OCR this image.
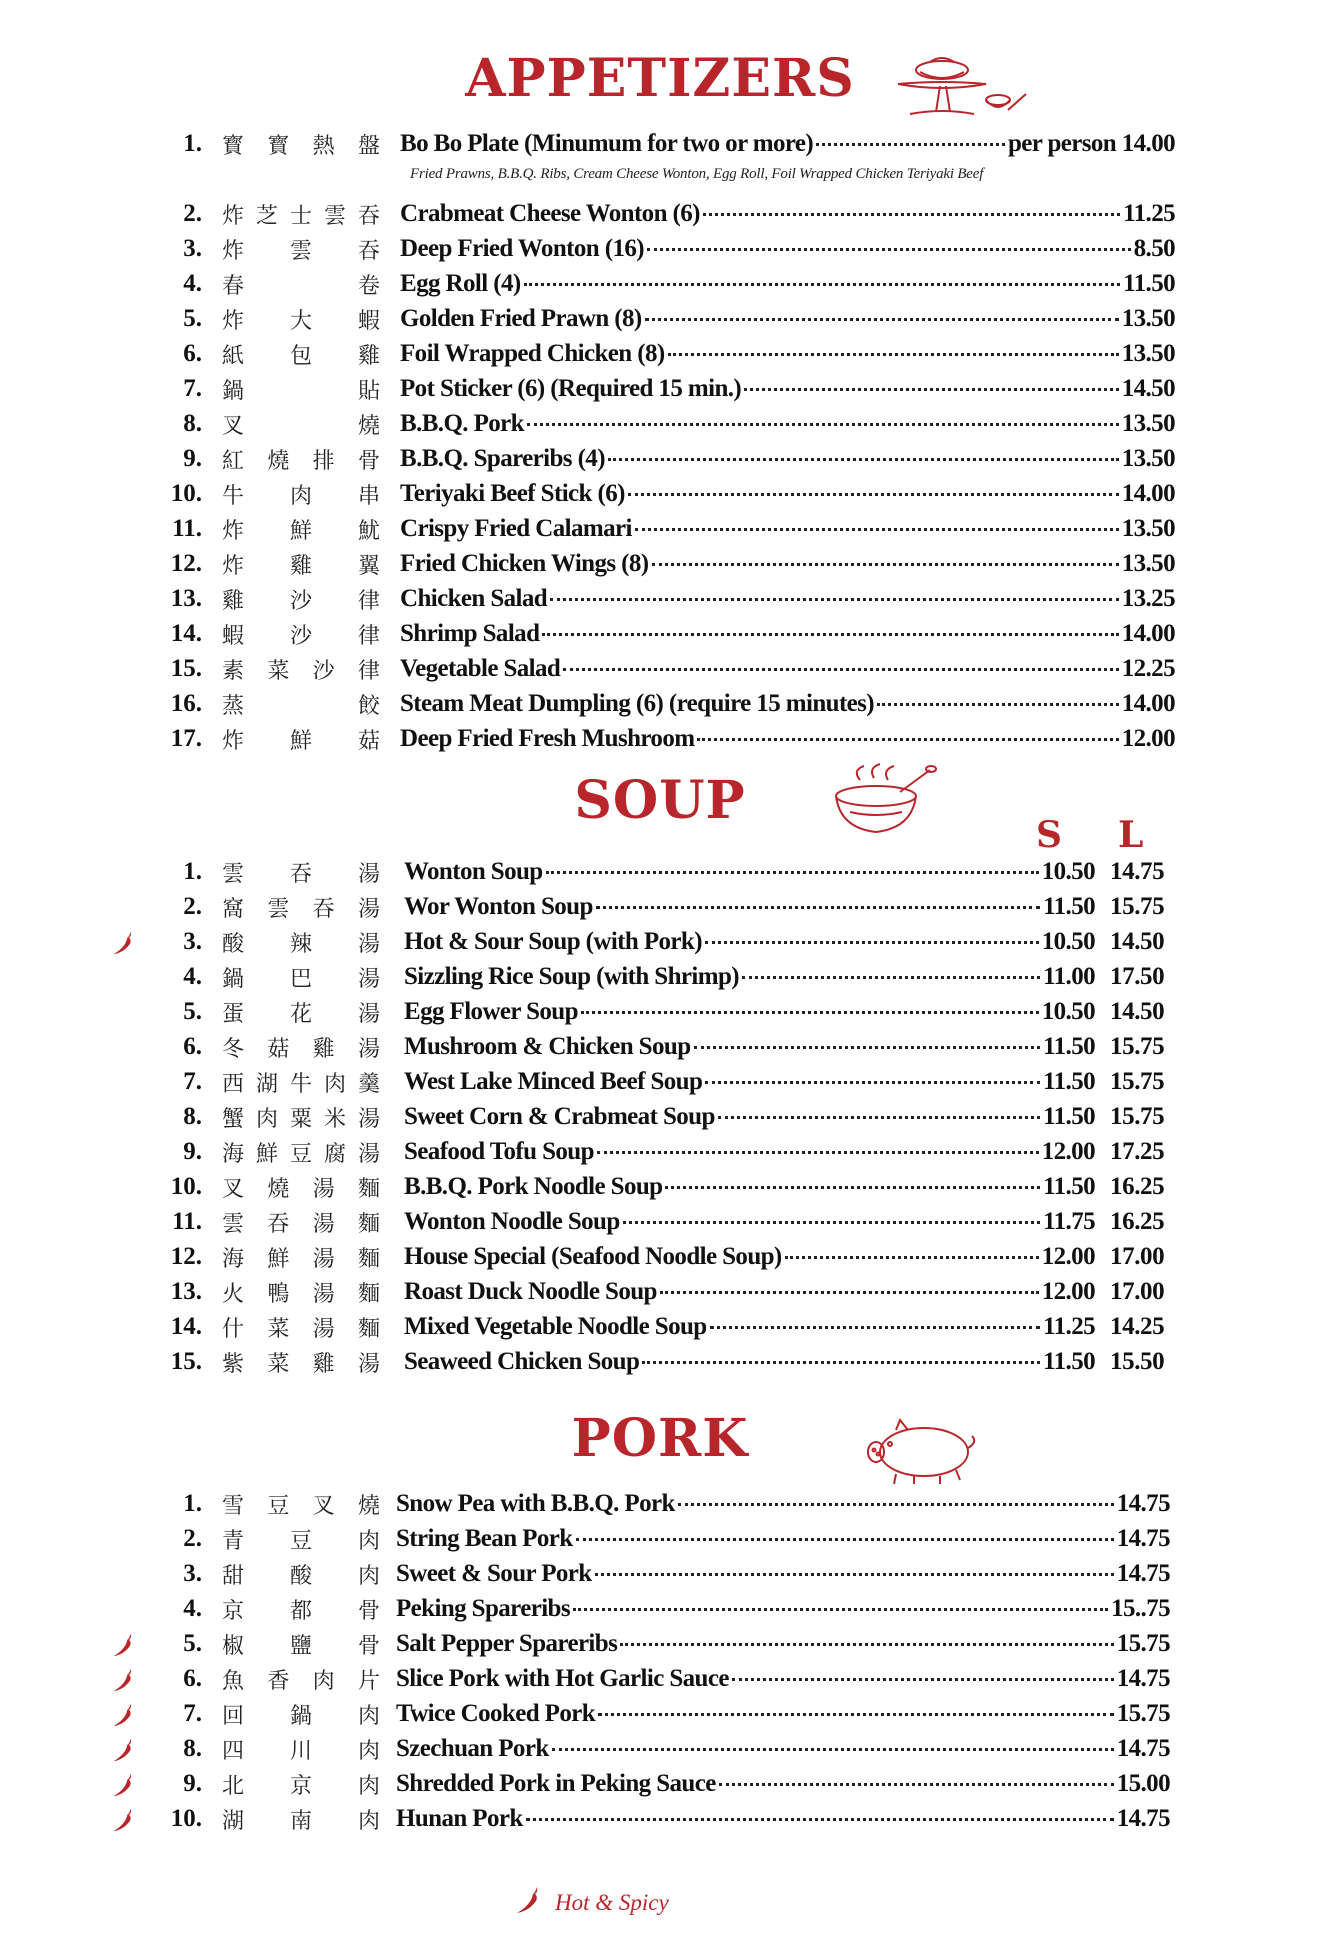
APPETIZERS
1. 寳 寳 熱 盤 Bo Bo Plate (Minumum for two or more)	per person 14.00
2. 炸 芝 士 雲 吞 Crabmeat Cheese Wonton (6)	11.25
3. 炸 雲 吞 Deep Fried Wonton (16)	8.50
4. 春	卷 Egg Roll (4)	11.50
5. 炸 大 蝦 Golden Fried Prawn (8)	13.50
6. 紙 包 雞 Foil Wrapped Chicken (8)	13.50
7. 鍋	貼 Pot Sticker (6) (Required 15 min.)	14.50
8. 叉	燒 B.B.Q. Pork	13.50
9. 紅 燒 排 骨 B.B.Q. Spareribs (4)	13.50
10. 牛 肉 串 Teriyaki Beef Stick (6)	14.00
11. 炸 鮮 魷 Crispy Fried Calamari	13.50
12. 炸 雞 翼 Fried Chicken Wings (8)	13.50
13. 雞 沙 律 Chicken Salad	13.25
14. 蝦 沙 律 Shrimp Salad	14.00
15. 素 菜 沙 律 Vegetable Salad	12.25
16. 蒸	餃 Steam Meat Dumpling (6) (require 15 minutes)	14.00
17. 炸 鮮 菇 Deep Fried Fresh Mushroom	12.00
Fried Prawns, B.B.Q. Ribs, Cream Cheese Wonton, Egg Roll, Foil Wrapped Chicken Teriyaki Beef
SOUP
S L
1. 雲 吞 湯 Wonton Soup	10.50 14.75
2. 窩 雲 吞 湯 Wor Wonton Soup	11.50 15.75
3. 酸 辣 湯 Hot & Sour Soup (with Pork)	10.50 14.50
4. 鍋 巴 湯 Sizzling Rice Soup (with Shrimp)	11.00 17.50
5. 蛋 花 湯 Egg Flower Soup	10.50 14.50
6. 冬 菇 雞 湯 Mushroom & Chicken Soup	11.50 15.75
7. 西 湖 牛 肉 羹 West Lake Minced Beef Soup	11.50 15.75
8. 蟹 肉 粟 米 湯 Sweet Corn & Crabmeat Soup	11.50 15.75
9. 海 鮮 豆 腐 湯 Seafood Tofu Soup	12.00 17.25
10. 叉 燒 湯 麵 B.B.Q. Pork Noodle Soup	11.50 16.25
11. 雲 吞 湯 麵 Wonton Noodle Soup	11.75 16.25
12. 海 鮮 湯 麵 House Special (Seafood Noodle Soup)	12.00 17.00
13. 火 鴨 湯 麵 Roast Duck Noodle Soup	12.00 17.00
14. 什 菜 湯 麵 Mixed Vegetable Noodle Soup	11.25 14.25
15. 紫 菜 雞 湯 Seaweed Chicken Soup	11.50 15.50
PORK
1. 雪 豆 叉 燒 Snow Pea with B.B.Q. Pork	14.75
2. 青 豆 肉 String Bean Pork	14.75
3. 甜 酸 肉 Sweet & Sour Pork	14.75
4. 京 都 骨 Peking Spareribs	15..75
5. 椒 鹽 骨 Salt Pepper Spareribs	15.75
6. 魚 香 肉 片 Slice Pork with Hot Garlic Sauce	14.75
7. 回 鍋 肉 Twice Cooked Pork	15.75
8. 四 川 肉 Szechuan Pork	14.75
9. 北 京 肉 Shredded Pork in Peking Sauce	15.00
10. 湖 南 肉 Hunan Pork	14.75
Hot & Spicy
